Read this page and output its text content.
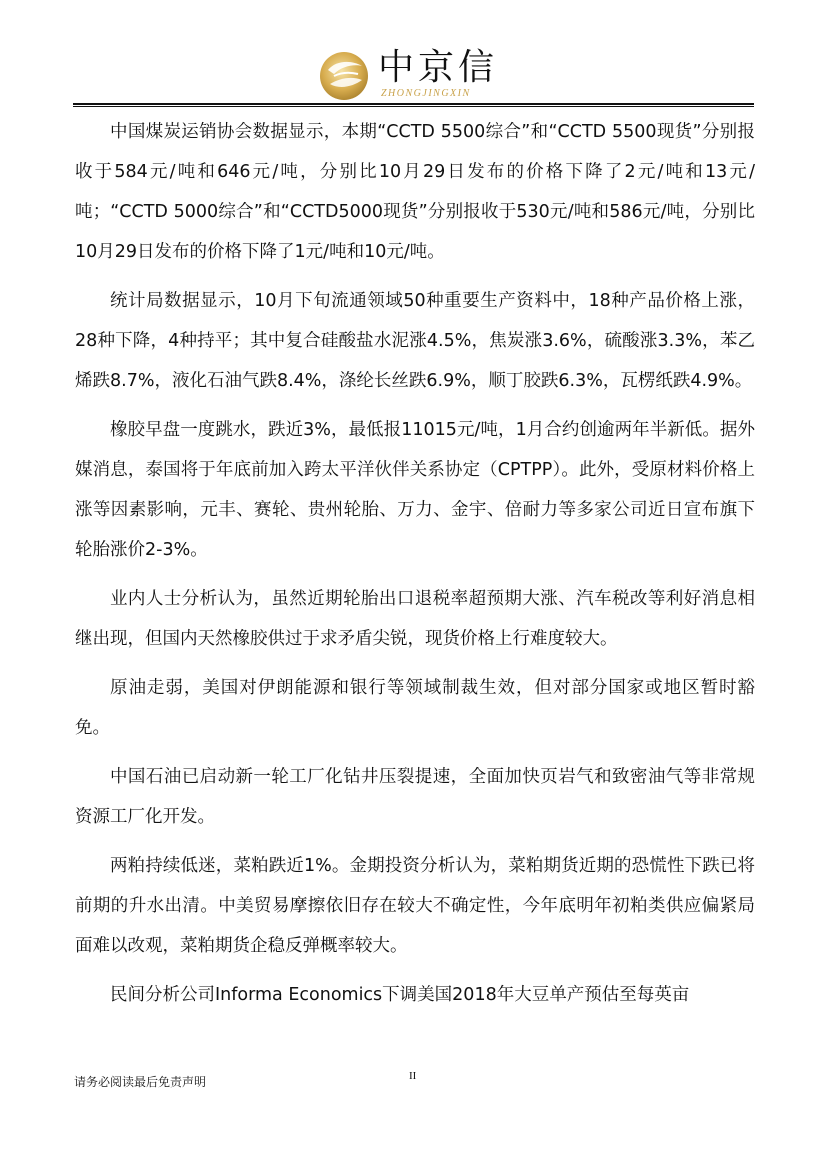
中京信
ZHONGJINGXIN

中国煤炭运销协会数据显示，本期“CCTD 5500综合”和“CCTD 5500现货”分别报收于584元/吨和646元/吨，分别比10月29日发布的价格下降了2元/吨和13元/吨；“CCTD 5000综合”和“CCTD5000现货”分别报收于530元/吨和586元/吨，分别比10月29日发布的价格下降了1元/吨和10元/吨。

统计局数据显示，10月下旬流通领域50种重要生产资料中，18种产品价格上涨，28种下降，4种持平；其中复合硅酸盐水泥涨4.5%，焦炭涨3.6%，硫酸涨3.3%，苯乙烯跌8.7%，液化石油气跌8.4%，涤纶长丝跌6.9%，顺丁胶跌6.3%，瓦楞纸跌4.9%。

橡胶早盘一度跳水，跌近3%，最低报11015元/吨，1月合约创逾两年半新低。据外媒消息，泰国将于年底前加入跨太平洋伙伴关系协定（CPTPP）。此外，受原材料价格上涨等因素影响，元丰、赛轮、贵州轮胎、万力、金宇、倍耐力等多家公司近日宣布旗下轮胎涨价2-3%。

业内人士分析认为，虽然近期轮胎出口退税率超预期大涨、汽车税改等利好消息相继出现，但国内天然橡胶供过于求矛盾尖锐，现货价格上行难度较大。

原油走弱，美国对伊朗能源和银行等领域制裁生效，但对部分国家或地区暂时豁免。

中国石油已启动新一轮工厂化钻井压裂提速，全面加快页岩气和致密油气等非常规资源工厂化开发。

两粕持续低迷，菜粕跌近1%。金期投资分析认为，菜粕期货近期的恐慌性下跌已将前期的升水出清。中美贸易摩擦依旧存在较大不确定性，今年底明年初粕类供应偏紧局面难以改观，菜粕期货企稳反弹概率较大。

民间分析公司Informa Economics下调美国2018年大豆单产预估至每英亩

请务必阅读最后免责声明	II
